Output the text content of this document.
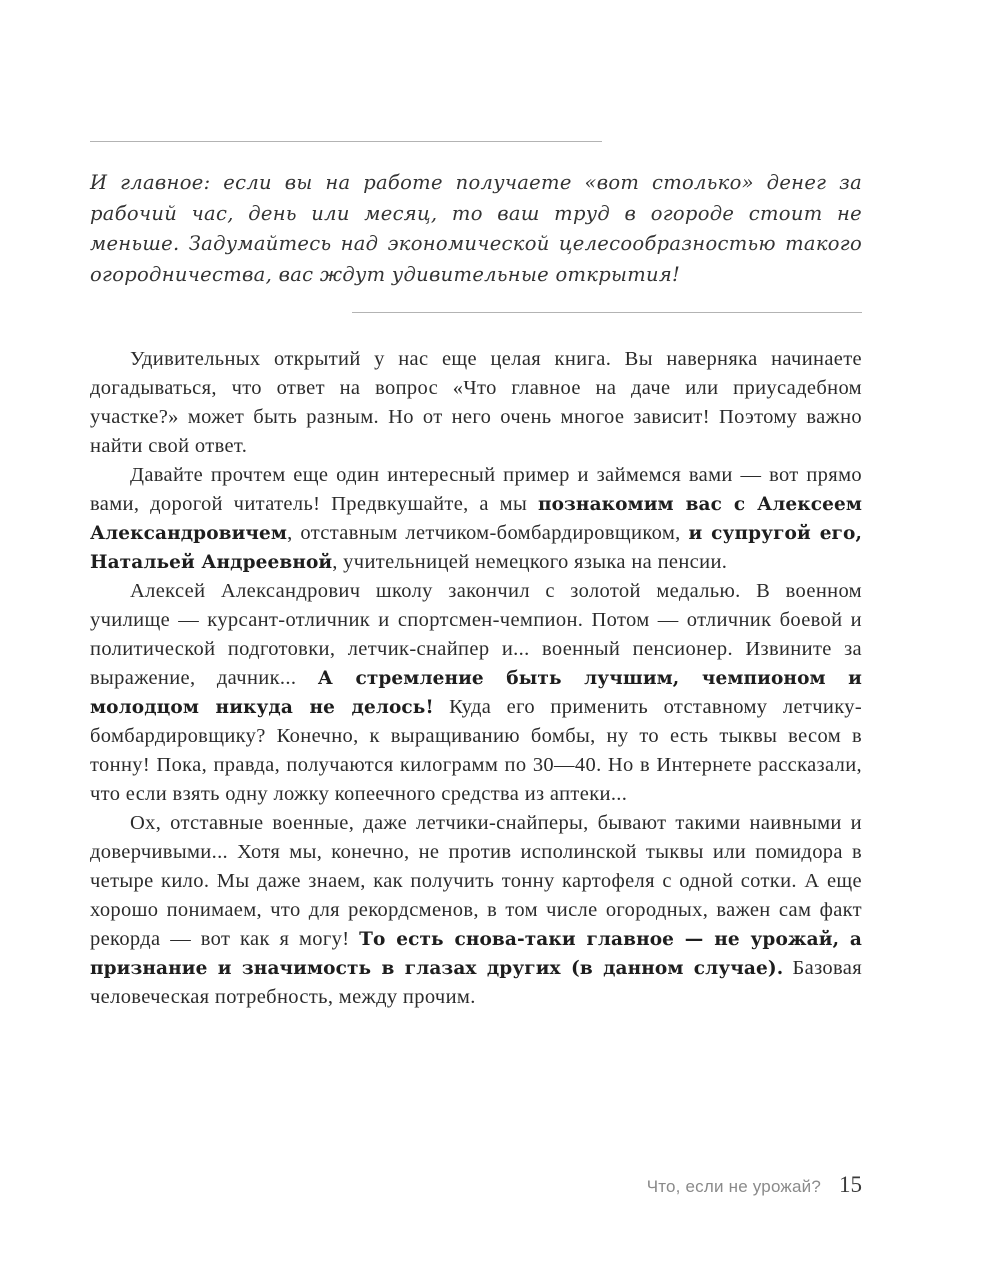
И главное: если вы на работе получаете «вот столько» денег за рабочий час, день или месяц, то ваш труд в огороде стоит не меньше. Задумайтесь над экономической целесообразностью такого огородничества, вас ждут удивительные открытия!

Удивительных открытий у нас еще целая книга. Вы наверняка начинаете догадываться, что ответ на вопрос «Что главное на даче или приусадебном участке?» может быть разным. Но от него очень многое зависит! Поэтому важно найти свой ответ.

Давайте прочтем еще один интересный пример и займемся вами — вот прямо вами, дорогой читатель! Предвкушайте, а мы познакомим вас с Алексеем Александровичем, отставным летчиком-бомбардировщиком, и супругой его, Натальей Андреевной, учительницей немецкого языка на пенсии.

Алексей Александрович школу закончил с золотой медалью. В военном училище — курсант-отличник и спортсмен-чемпион. Потом — отличник боевой и политической подготовки, летчик-снайпер и... военный пенсионер. Извините за выражение, дачник... А стремление быть лучшим, чемпионом и молодцом никуда не делось! Куда его применить отставному летчику-бомбардировщику? Конечно, к выращиванию бомбы, ну то есть тыквы весом в тонну! Пока, правда, получаются килограмм по 30—40. Но в Интернете рассказали, что если взять одну ложку копеечного средства из аптеки...

Ох, отставные военные, даже летчики-снайперы, бывают такими наивными и доверчивыми... Хотя мы, конечно, не против исполинской тыквы или помидора в четыре кило. Мы даже знаем, как получить тонну картофеля с одной сотки. А еще хорошо понимаем, что для рекордсменов, в том числе огородных, важен сам факт рекорда — вот как я могу! То есть снова-таки главное — не урожай, а признание и значимость в глазах других (в данном случае). Базовая человеческая потребность, между прочим.

Что, если не урожай? 15
